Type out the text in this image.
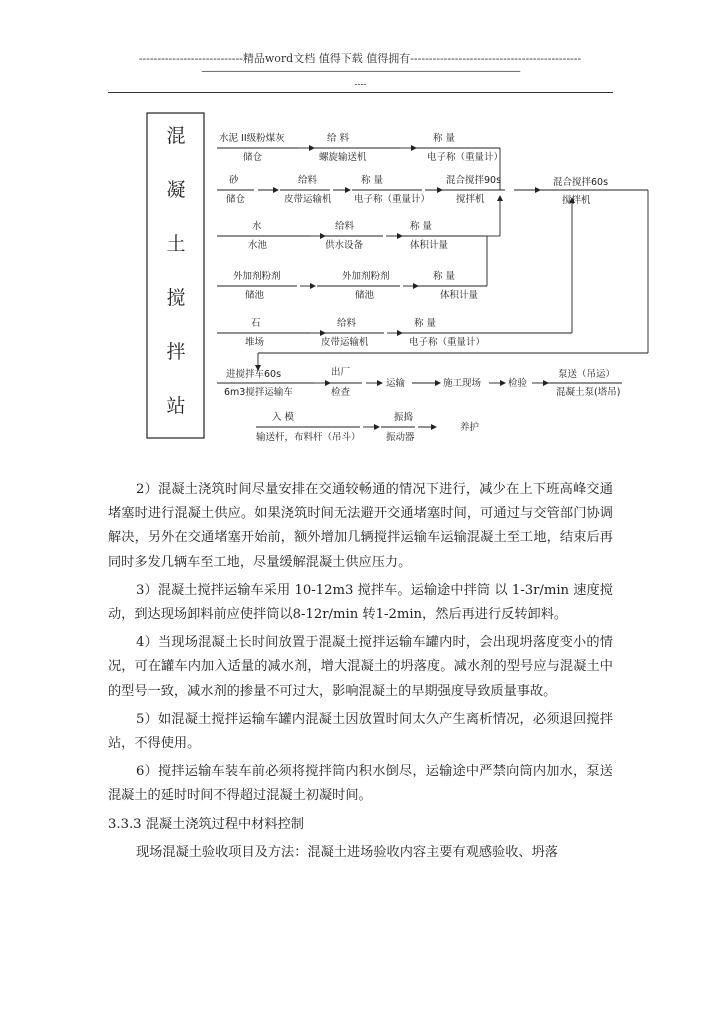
----------------------------精品word文档 值得下载 值得拥有----------------------------------------------
------------------------------------------------------------------------------------------------------------------------------------------------------------
----
混
凝
土
搅
拌
站
水泥 II级粉煤灰
储仓
给 料
螺旋输送机
称 量
电子称（重量计）
砂
储仓
给料
皮带运输机
称 量
电子称（重量计）
混合搅拌90s
搅拌机
混合搅拌60s
搅拌机
水
水池
给料
供水设备
称 量
体积计量
外加剂粉剂
储池
外加剂粉剂
储池
称 量
体积计量
石
堆场
给料
皮带运输机
称 量
电子称（重量计）
进搅拌车60s
6m3搅拌运输车
出厂
检查
运输	施工现场	检验
泵送（吊运）
混凝土泵(塔吊)
入 模
输送杆，布料杆（吊斗）
振捣
振动器
养护

2）混凝土浇筑时间尽量安排在交通较畅通的情况下进行，减少在上下班高峰交通堵塞时进行混凝土供应。如果浇筑时间无法避开交通堵塞时间，可通过与交管部门协调解决，另外在交通堵塞开始前，额外增加几辆搅拌运输车运输混凝土至工地，结束后再同时多发几辆车至工地，尽量缓解混凝土供应压力。

3）混凝土搅拌运输车采用 10-12m3 搅拌车。运输途中拌筒 以 1-3r/min 速度搅动，到达现场卸料前应使拌筒以8-12r/min 转1-2min，然后再进行反转卸料。

4）当现场混凝土长时间放置于混凝土搅拌运输车罐内时，会出现坍落度变小的情况，可在罐车内加入适量的减水剂，增大混凝土的坍落度。减水剂的型号应与混凝土中的型号一致，减水剂的掺量不可过大，影响混凝土的早期强度导致质量事故。

5）如混凝土搅拌运输车罐内混凝土因放置时间太久产生离析情况，必须退回搅拌站，不得使用。

6）搅拌运输车装车前必须将搅拌筒内积水倒尽，运输途中严禁向筒内加水，泵送混凝土的延时时间不得超过混凝土初凝时间。

3.3.3 混凝土浇筑过程中材料控制

现场混凝土验收项目及方法：混凝土进场验收内容主要有观感验收、坍落
